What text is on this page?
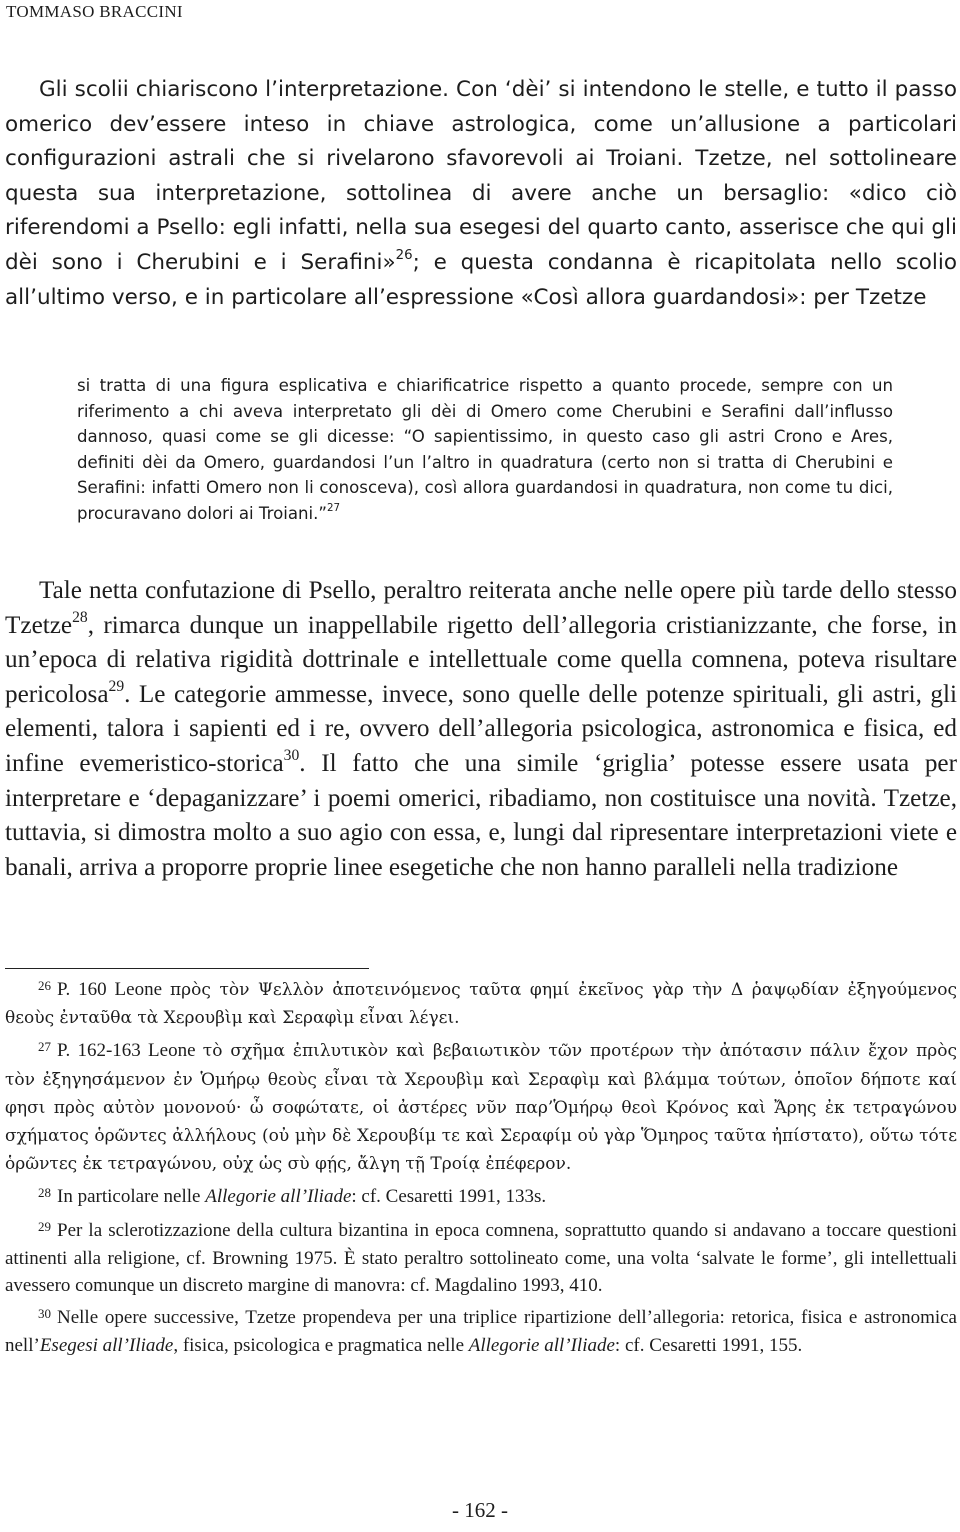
TOMMASO BRACCINI

Gli scolii chiariscono l’interpretazione. Con ‘dèi’ si intendono le stelle, e tutto il passo omerico dev’essere inteso in chiave astrologica, come un’allusione a particolari configurazioni astrali che si rivelarono sfavorevoli ai Troiani. Tzetze, nel sottolineare questa sua interpretazione, sottolinea di avere anche un bersaglio: «dico ciò riferendomi a Psello: egli infatti, nella sua esegesi del quarto canto, asserisce che qui gli dèi sono i Cherubini e i Serafini»$^{26}$; e questa condanna è ricapitolata nello scolio all’ultimo verso, e in particolare all’espressione «Così allora guardandosi»: per Tzetze

si tratta di una figura esplicativa e chiarificatrice rispetto a quanto procede, sempre con un riferimento a chi aveva interpretato gli dèi di Omero come Cherubini e Serafini dall’influsso dannoso, quasi come se gli dicesse: “O sapientissimo, in questo caso gli astri Crono e Ares, definiti dèi da Omero, guardandosi l’un l’altro in quadratura (certo non si tratta di Cherubini e Serafini: infatti Omero non li conosceva), così allora guardandosi in quadratura, non come tu dici, procuravano dolori ai Troiani.”$^{27}$

Tale netta confutazione di Psello, peraltro reiterata anche nelle opere più tarde dello stesso Tzetze$^{28}$, rimarca dunque un inappellabile rigetto dell’allegoria cristianizzante, che forse, in un’epoca di relativa rigidità dottrinale e intellettuale come quella comnena, poteva risultare pericolosa$^{29}$. Le categorie ammesse, invece, sono quelle delle potenze spirituali, gli astri, gli elementi, talora i sapienti ed i re, ovvero dell’allegoria psicologica, astronomica e fisica, ed infine evemeristico-storica$^{30}$. Il fatto che una simile ‘griglia’ potesse essere usata per interpretare e ‘depaganizzare’ i poemi omerici, ribadiamo, non costituisce una novità. Tzetze, tuttavia, si dimostra molto a suo agio con essa, e, lungi dal ripresentare interpretazioni viete e banali, arriva a proporre proprie linee esegetiche che non hanno paralleli nella tradizione

$^{26}$ P. 160 Leone πρὸς τὸν Ψελλὸν ἀποτεινόμενος ταῦτα φημί ἐκεῖνος γὰρ τὴν Δ ῥαψῳδίαν ἐξηγούμενος θεοὺς ἐνταῦθα τὰ Χερουβὶμ καὶ Σεραφὶμ εἶναι λέγει.

$^{27}$ P. 162-163 Leone τὸ σχῆμα ἐπιλυτικὸν καὶ βεβαιωτικὸν τῶν προτέρων τὴν ἀπότασιν πάλιν ἔχον πρὸς τὸν ἐξηγησάμενον ἐν Ὁμήρῳ θεοὺς εἶναι τὰ Χερουβὶμ καὶ Σεραφὶμ καὶ βλάμμα τούτων, ὁποῖον δήποτε καί φησι πρὸς αὐτὸν μονονού· ὦ σοφώτατε, οἱ ἀστέρες νῦν παρ’Ὁμήρῳ θεοὶ Κρόνος καὶ Ἄρης ἐκ τετραγώνου σχήματος ὁρῶντες ἀλλήλους (οὐ μὴν δὲ Χερουβίμ τε καὶ Σεραφίμ οὐ γὰρ Ὅμηρος ταῦτα ἠπίστατο), οὕτω τότε ὁρῶντες ἐκ τετραγώνου, οὐχ ὡς σὺ φῄς, ἄλγη τῇ Τροίᾳ ἐπέφερον.

$^{28}$ In particolare nelle Allegorie all’Iliade: cf. Cesaretti 1991, 133s.

$^{29}$ Per la sclerotizzazione della cultura bizantina in epoca comnena, soprattutto quando si andavano a toccare questioni attinenti alla religione, cf. Browning 1975. È stato peraltro sottolineato come, una volta ‘salvate le forme’, gli intellettuali avessero comunque un discreto margine di manovra: cf. Magdalino 1993, 410.

$^{30}$ Nelle opere successive, Tzetze propendeva per una triplice ripartizione dell’allegoria: retorica, fisica e astronomica nell’Esegesi all’Iliade, fisica, psicologica e pragmatica nelle Allegorie all’Iliade: cf. Cesaretti 1991, 155.

- 162 -
